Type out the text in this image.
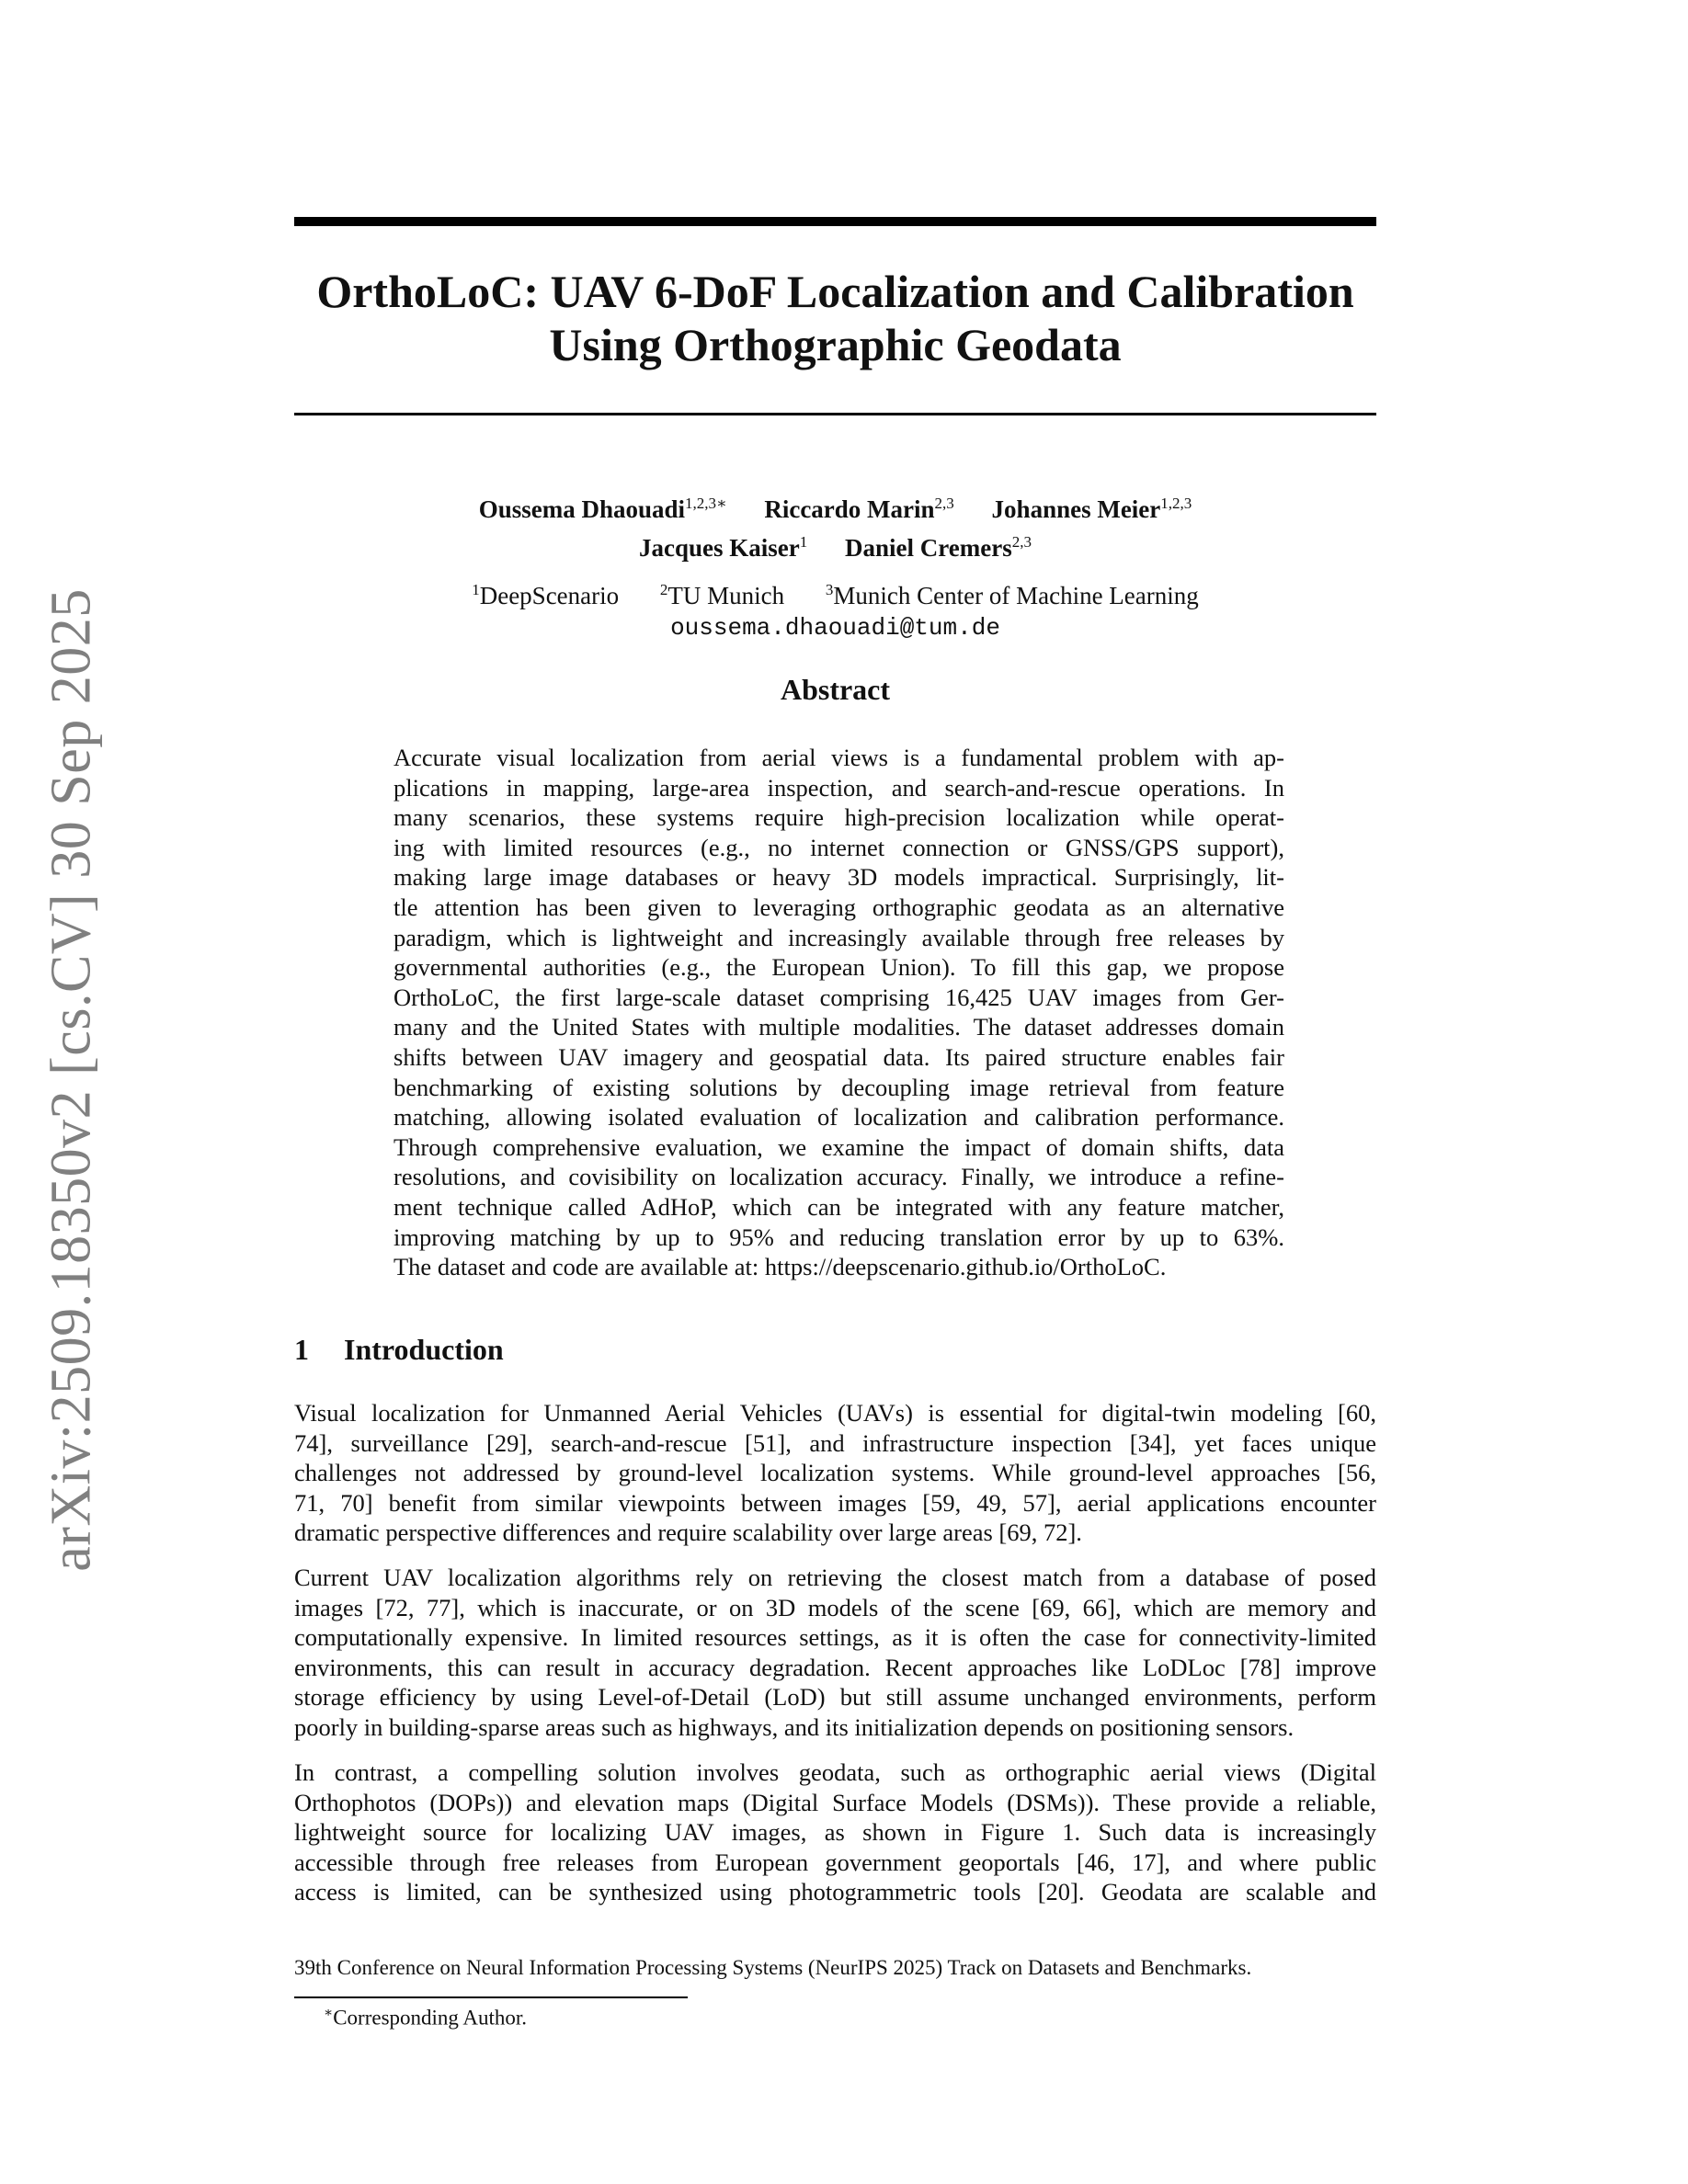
arXiv:2509.18350v2 [cs.CV] 30 Sep 2025
OrthoLoC: UAV 6-DoF Localization and Calibration
Using Orthographic Geodata
Oussema Dhaouadi$^{1,2,3∗}$ Riccardo Marin$^{2,3}$ Johannes Meier$^{1,2,3}$
Jacques Kaiser$^1$ Daniel Cremers$^{2,3}$
$^1$DeepScenario	$^2$TU Munich	$^3$Munich Center of Machine Learning
oussema.dhaouadi@tum.de
Abstract
Accurate visual localization from aerial views is a fundamental problem with ap-
plications in mapping, large-area inspection, and search-and-rescue operations. In
many scenarios, these systems require high-precision localization while operat-
ing with limited resources (e.g., no internet connection or GNSS/GPS support),
making large image databases or heavy 3D models impractical. Surprisingly, lit-
tle attention has been given to leveraging orthographic geodata as an alternative
paradigm, which is lightweight and increasingly available through free releases by
governmental authorities (e.g., the European Union). To fill this gap, we propose
OrthoLoC, the first large-scale dataset comprising 16,425 UAV images from Ger-
many and the United States with multiple modalities. The dataset addresses domain
shifts between UAV imagery and geospatial data. Its paired structure enables fair
benchmarking of existing solutions by decoupling image retrieval from feature
matching, allowing isolated evaluation of localization and calibration performance.
Through comprehensive evaluation, we examine the impact of domain shifts, data
resolutions, and covisibility on localization accuracy. Finally, we introduce a refine-
ment technique called AdHoP, which can be integrated with any feature matcher,
improving matching by up to 95% and reducing translation error by up to 63%.
The dataset and code are available at: https://deepscenario.github.io/OrthoLoC.
1 Introduction
Visual localization for Unmanned Aerial Vehicles (UAVs) is essential for digital-twin modeling [60,
74], surveillance [29], search-and-rescue [51], and infrastructure inspection [34], yet faces unique
challenges not addressed by ground-level localization systems. While ground-level approaches [56,
71, 70] benefit from similar viewpoints between images [59, 49, 57], aerial applications encounter
dramatic perspective differences and require scalability over large areas [69, 72].
Current UAV localization algorithms rely on retrieving the closest match from a database of posed
images [72, 77], which is inaccurate, or on 3D models of the scene [69, 66], which are memory and
computationally expensive. In limited resources settings, as it is often the case for connectivity-limited
environments, this can result in accuracy degradation. Recent approaches like LoDLoc [78] improve
storage efficiency by using Level-of-Detail (LoD) but still assume unchanged environments, perform
poorly in building-sparse areas such as highways, and its initialization depends on positioning sensors.
In contrast, a compelling solution involves geodata, such as orthographic aerial views (Digital
Orthophotos (DOPs)) and elevation maps (Digital Surface Models (DSMs)). These provide a reliable,
lightweight source for localizing UAV images, as shown in Figure 1. Such data is increasingly
accessible through free releases from European government geoportals [46, 17], and where public
access is limited, can be synthesized using photogrammetric tools [20]. Geodata are scalable and
39th Conference on Neural Information Processing Systems (NeurIPS 2025) Track on Datasets and Benchmarks.
∗Corresponding Author.
